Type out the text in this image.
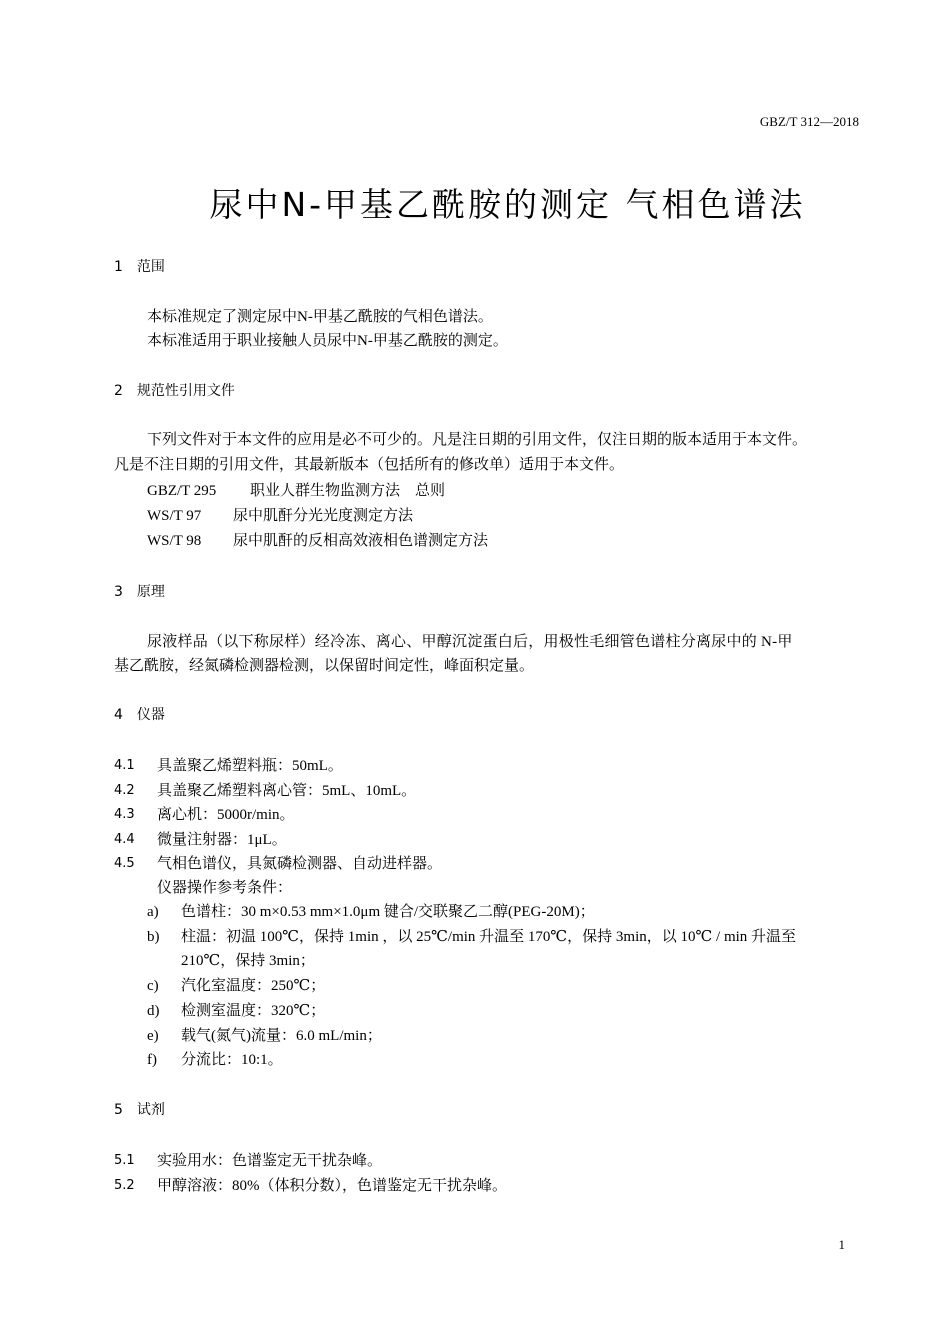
GBZ/T 312—2018
尿中N-甲基乙酰胺的测定 气相色谱法
1　范围
本标准规定了测定尿中N-甲基乙酰胺的气相色谱法。
本标准适用于职业接触人员尿中N-甲基乙酰胺的测定。
2　规范性引用文件
下列文件对于本文件的应用是必不可少的。凡是注日期的引用文件，仅注日期的版本适用于本文件。
凡是不注日期的引用文件，其最新版本（包括所有的修改单）适用于本文件。
GBZ/T 295 职业人群生物监测方法　总则
WS/T 97 尿中肌酐分光光度测定方法
WS/T 98 尿中肌酐的反相高效液相色谱测定方法
3　原理
尿液样品（以下称尿样）经冷冻、离心、甲醇沉淀蛋白后，用极性毛细管色谱柱分离尿中的 N-甲
基乙酰胺，经氮磷检测器检测，以保留时间定性，峰面积定量。
4　仪器
4.1 具盖聚乙烯塑料瓶：50mL。
4.2 具盖聚乙烯塑料离心管：5mL、10mL。
4.3 离心机：5000r/min。
4.4 微量注射器：1μL。
4.5 气相色谱仪，具氮磷检测器、自动进样器。
仪器操作参考条件：
a) 色谱柱：30 m×0.53 mm×1.0μm 键合/交联聚乙二醇(PEG-20M)；
b) 柱温：初温 100℃，保持 1min ，以 25℃/min 升温至 170℃，保持 3min，以 10℃ / min 升温至
210℃，保持 3min；
c) 汽化室温度：250℃；
d) 检测室温度：320℃；
e) 载气(氮气)流量：6.0 mL/min；
f) 分流比：10:1。
5　试剂
5.1 实验用水：色谱鉴定无干扰杂峰。
5.2 甲醇溶液：80%（体积分数），色谱鉴定无干扰杂峰。
1
